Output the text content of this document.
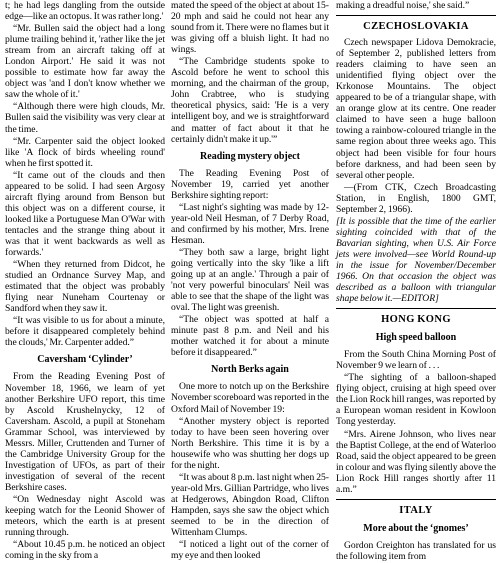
t; he had legs dangling from the outside edge—like an octopus. It was rather long.'

“Mr. Bullen said the object had a long plume trailing behind it, 'rather like the jet stream from an aircraft taking off at London Airport.' He said it was not possible to estimate how far away the object was 'and I don't know whether we saw the whole of it.'

“Although there were high clouds, Mr. Bullen said the visibility was very clear at the time.

“Mr. Carpenter said the object looked like 'A flock of birds wheeling round' when he first spotted it.

“It came out of the clouds and then appeared to be solid. I had seen Argosy aircraft flying around from Benson but this object was on a different course, it looked like a Portuguese Man O'War with tentacles and the strange thing about it was that it went backwards as well as forwards.'

“When they returned from Didcot, he studied an Ordnance Survey Map, and estimated that the object was probably flying near Nuneham Courtenay or Sandford when they saw it.

“It was visible to us for about a minute, before it disappeared completely behind the clouds,' Mr. Carpenter added.”

Caversham ‘Cylinder’

From the Reading Evening Post of November 18, 1966, we learn of yet another Berkshire UFO report, this time by Ascold Krushelnycky, 12 of Caversham. Ascold, a pupil at Stoneham Grammar School, was interviewed by Messrs. Miller, Cruttenden and Turner of the Cambridge University Group for the Investigation of UFOs, as part of their investigation of several of the recent Berkshire cases.

“On Wednesday night Ascold was keeping watch for the Leonid Shower of meteors, which the earth is at present running through.

“About 10.45 p.m. he noticed an object coming in the sky from a

mated the speed of the object at about 15-20 mph and said he could not hear any sound from it. There were no flames but it was giving off a bluish light. It had no wings.

“The Cambridge students spoke to Ascold before he went to school this morning, and the chairman of the group, John Crabtree, who is studying theoretical physics, said: 'He is a very intelligent boy, and we is straightforward and matter of fact about it that he certainly didn't make it up.'”

Reading mystery object

The Reading Evening Post of November 19, carried yet another Berkshire sighting report:

“Last night's sighting was made by 12-year-old Neil Hesman, of 7 Derby Road, and confirmed by his mother, Mrs. Irene Hesman.

“They both saw a large, bright light going vertically into the sky 'like a lift going up at an angle.' Through a pair of 'not very powerful binoculars' Neil was able to see that the shape of the light was oval. The light was greenish.

“The object was spotted at half a minute past 8 p.m. and Neil and his mother watched it for about a minute before it disappeared.”

North Berks again

One more to notch up on the Berkshire November scoreboard was reported in the Oxford Mail of November 19:

“Another mystery object is reported today to have been seen hovering over North Berkshire. This time it is by a housewife who was shutting her dogs up for the night.

“It was about 8 p.m. last night when 25-year-old Mrs. Gillian Partridge, who lives at Hedgerows, Abingdon Road, Clifton Hampden, says she saw the object which seemed to be in the direction of Wittenham Clumps.

“I noticed a light out of the corner of my eye and then looked

making a dreadful noise,' she said.”

CZECHOSLOVAKIA

Czech newspaper Lidova Demokracie, of September 2, published letters from readers claiming to have seen an unidentified flying object over the Krkonose Mountains. The object appeared to be of a triangular shape, with an orange glow at its centre. One reader claimed to have seen a huge balloon towing a rainbow-coloured triangle in the same region about three weeks ago. This object had been visible for four hours before darkness, and had been seen by several other people.

—(From CTK, Czech Broadcasting Station, in English, 1800 GMT, September 2, 1966).

[It is possible that the time of the earlier sighting coincided with that of the Bavarian sighting, when U.S. Air Force jets were involved—see World Round-up in the issue for November/December 1966. On that occasion the object was described as a balloon with triangular shape below it.—EDITOR]

HONG KONG
High speed balloon

From the South China Morning Post of November 9 we learn of . . .

“The sighting of a balloon-shaped flying object, cruising at high speed over the Lion Rock hill ranges, was reported by a European woman resident in Kowloon Tong yesterday.

“Mrs. Airene Johnson, who lives near the Baptist College, at the end of Waterloo Road, said the object appeared to be green in colour and was flying silently above the Lion Rock Hill ranges shortly after 11 a.m.”

ITALY
More about the ‘gnomes’

Gordon Creighton has translated for us the following item from
